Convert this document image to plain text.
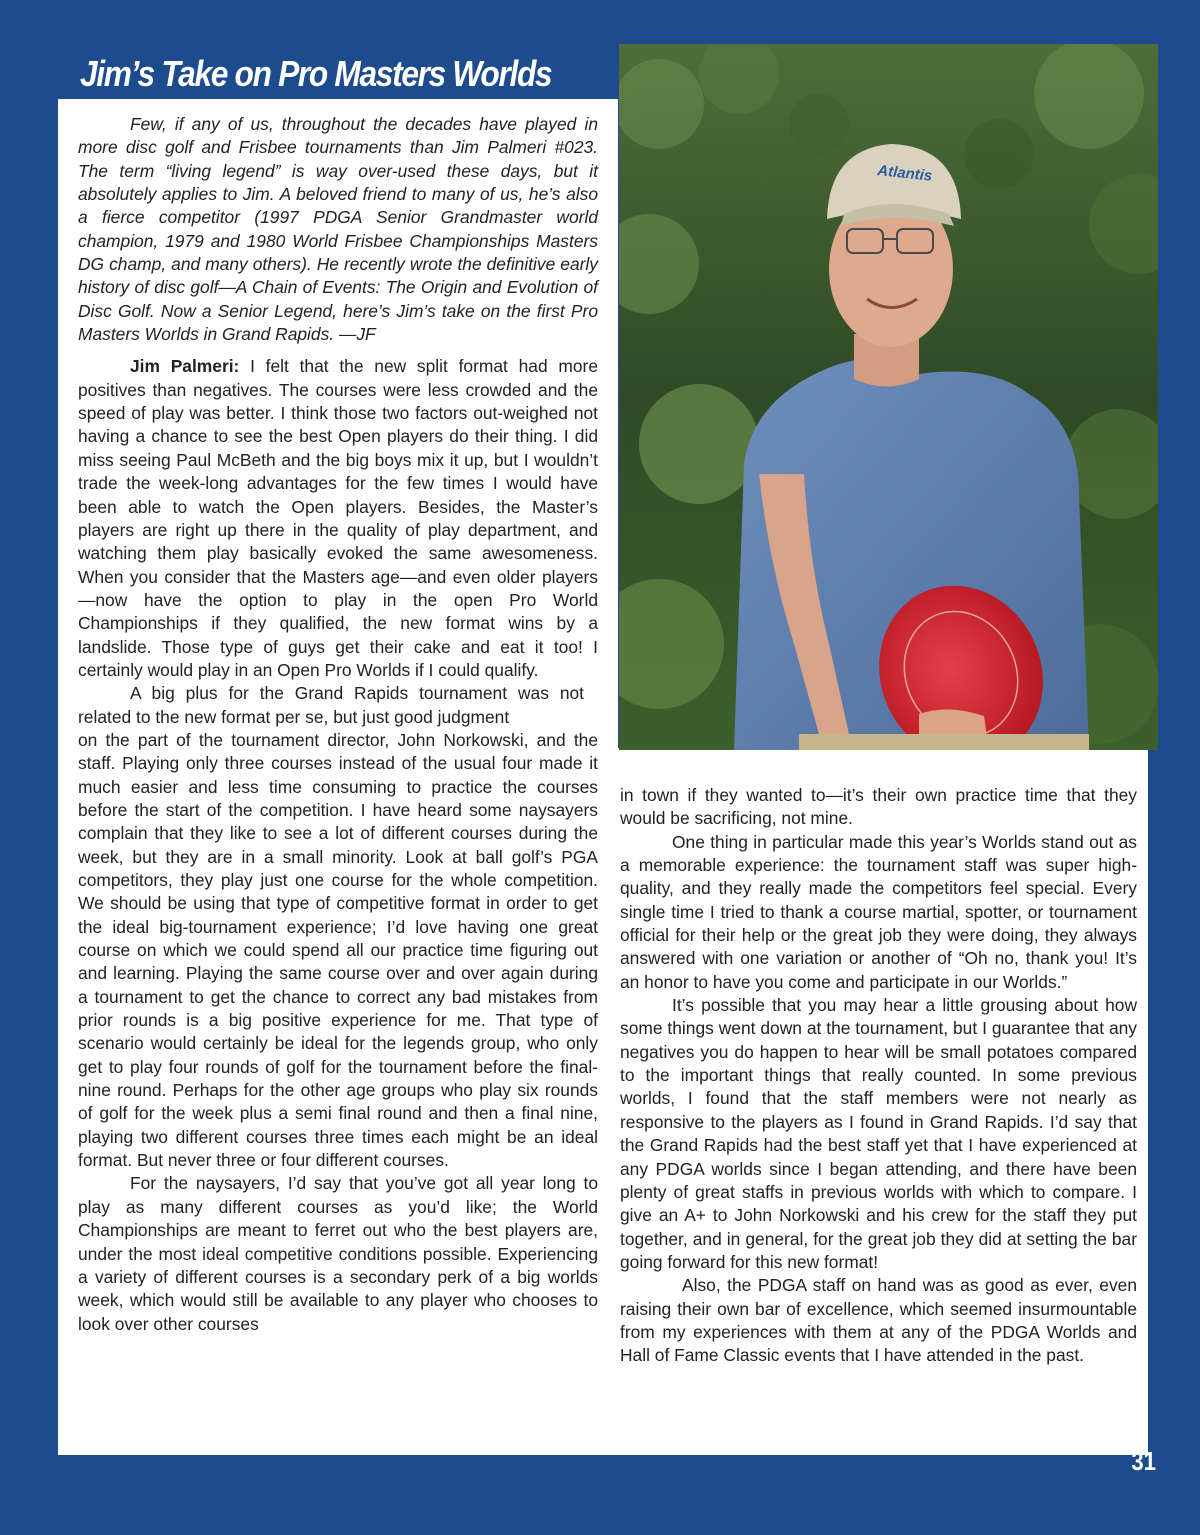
Jim’s Take on Pro Masters Worlds

Few, if any of us, throughout the decades have played in more disc golf and Frisbee tournaments than Jim Palmeri #023. The term “living legend” is way over-used these days, but it absolutely applies to Jim. A beloved friend to many of us, he’s also a fierce competitor (1997 PDGA Senior Grandmaster world champion, 1979 and 1980 World Frisbee Championships Masters DG champ, and many others). He recently wrote the definitive early history of disc golf—A Chain of Events: The Origin and Evolution of Disc Golf. Now a Senior Legend, here’s Jim’s take on the first Pro Masters Worlds in Grand Rapids. —JF

Jim Palmeri: I felt that the new split format had more positives than negatives. The courses were less crowded and the speed of play was better. I think those two factors out-weighed not having a chance to see the best Open players do their thing. I did miss seeing Paul McBeth and the big boys mix it up, but I wouldn’t trade the week-long advantages for the few times I would have been able to watch the Open players. Besides, the Master’s players are right up there in the quality of play department, and watching them play basically evoked the same awesomeness. When you consider that the Masters age—and even older players—now have the option to play in the open Pro World Championships if they qualified, the new format wins by a landslide. Those type of guys get their cake and eat it too! I certainly would play in an Open Pro Worlds if I could qualify.

A big plus for the Grand Rapids tournament was not related to the new format per se, but just good judgment

on the part of the tournament director, John Norkowski, and the staff. Playing only three courses instead of the usual four made it much easier and less time consuming to practice the courses before the start of the competition. I have heard some naysayers complain that they like to see a lot of different courses during the week, but they are in a small minority. Look at ball golf’s PGA competitors, they play just one course for the whole competition. We should be using that type of competitive format in order to get the ideal big-tournament experience; I’d love having one great course on which we could spend all our practice time figuring out and learning. Playing the same course over and over again during a tournament to get the chance to correct any bad mistakes from prior rounds is a big positive experience for me. That type of scenario would certainly be ideal for the legends group, who only get to play four rounds of golf for the tournament before the final-nine round. Perhaps for the other age groups who play six rounds of golf for the week plus a semi final round and then a final nine, playing two different courses three times each might be an ideal format. But never three or four different courses.

For the naysayers, I’d say that you’ve got all year long to play as many different courses as you’d like; the World Championships are meant to ferret out who the best players are, under the most ideal competitive conditions possible. Experiencing a variety of different courses is a secondary perk of a big worlds week, which would still be available to any player who chooses to look over other courses

in town if they wanted to—it’s their own practice time that they would be sacrificing, not mine.

One thing in particular made this year’s Worlds stand out as a memorable experience: the tournament staff was super high-quality, and they really made the competitors feel special. Every single time I tried to thank a course martial, spotter, or tournament official for their help or the great job they were doing, they always answered with one variation or another of “Oh no, thank you! It’s an honor to have you come and participate in our Worlds.”

It’s possible that you may hear a little grousing about how some things went down at the tournament, but I guarantee that any negatives you do happen to hear will be small potatoes compared to the important things that really counted. In some previous worlds, I found that the staff members were not nearly as responsive to the players as I found in Grand Rapids. I’d say that the Grand Rapids had the best staff yet that I have experienced at any PDGA worlds since I began attending, and there have been plenty of great staffs in previous worlds with which to compare. I give an A+ to John Norkowski and his crew for the staff they put together, and in general, for the great job they did at setting the bar going forward for this new format!

Also, the PDGA staff on hand was as good as ever, even raising their own bar of excellence, which seemed insurmountable from my experiences with them at any of the PDGA Worlds and Hall of Fame Classic events that I have attended in the past.

Atlantis
31
